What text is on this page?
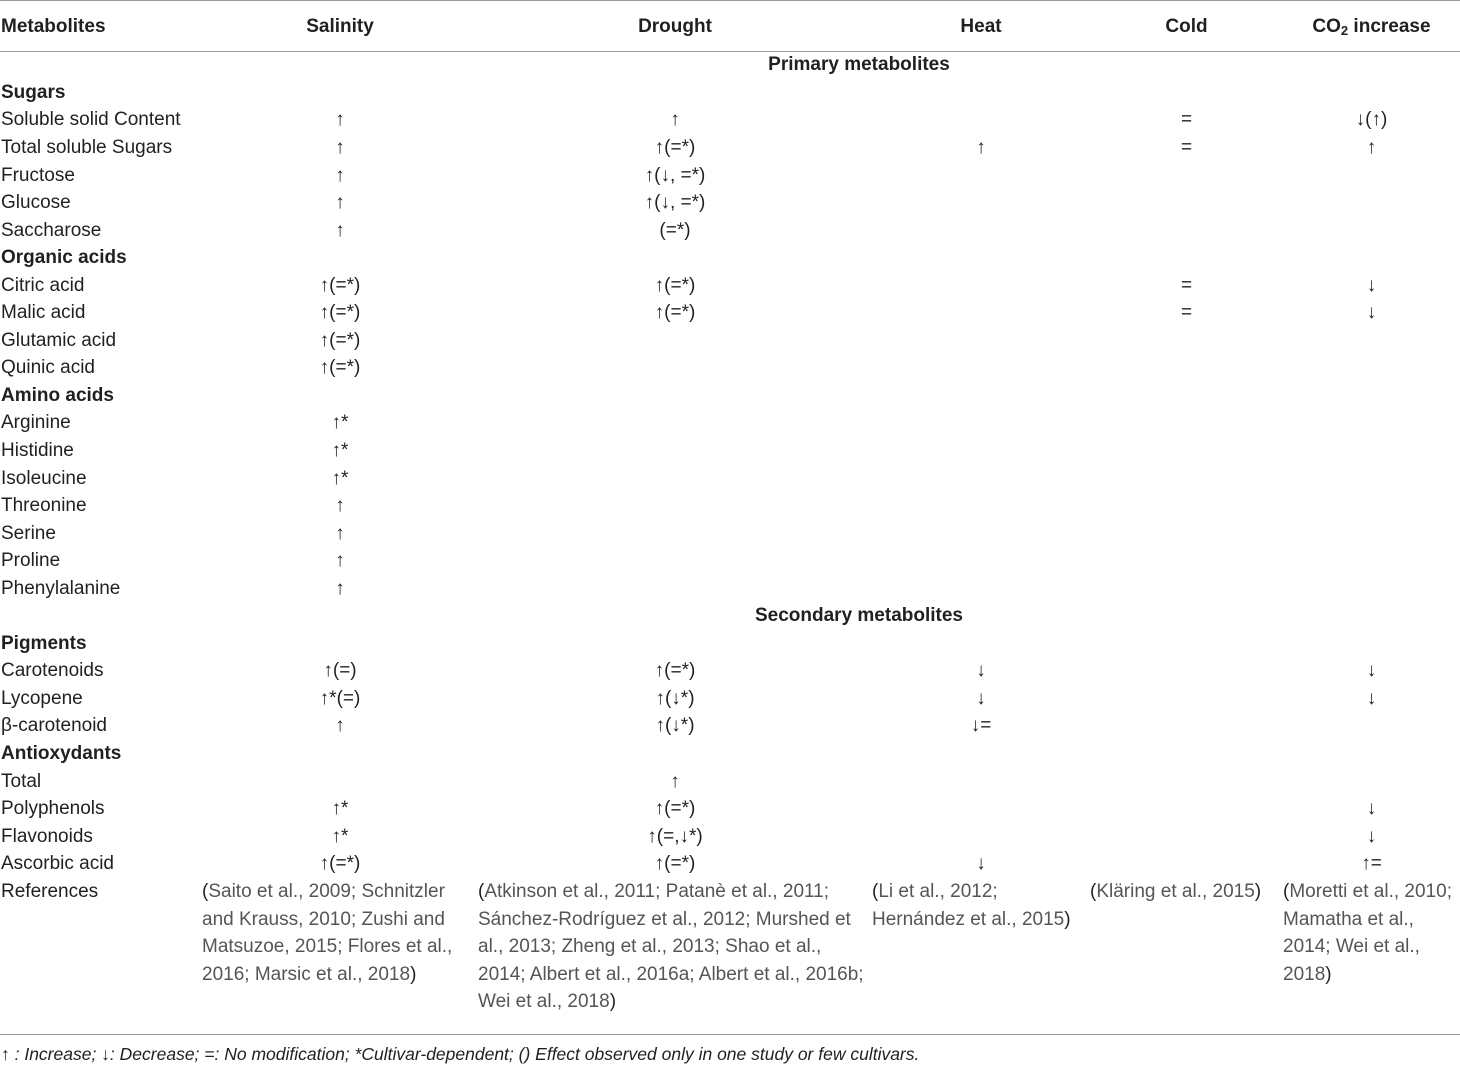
Metabolites	Salinity	Drought	Heat	Cold	$CO_2$ increase
Primary metabolites					
Sugars					
Soluble solid Content	↑	↑		=	↓(↑)
Total soluble Sugars	↑	↑(=*)	↑	=	↑
Fructose	↑	↑(↓, =*)			
Glucose	↑	↑(↓, =*)			
Saccharose	↑	(=*)			
Organic acids					
Citric acid	↑(=*)	↑(=*)		=	↓
Malic acid	↑(=*)	↑(=*)		=	↓
Glutamic acid	↑(=*)				
Quinic acid	↑(=*)				
Amino acids					
Arginine	↑*				
Histidine	↑*				
Isoleucine	↑*				
Threonine	↑				
Serine	↑				
Proline	↑				
Phenylalanine	↑				
Secondary metabolites					
Pigments					
Carotenoids	↑(=)	↑(=*)	↓		↓
Lycopene	↑*(=)	↑(↓*)	↓		↓
β-carotenoid	↑	↑(↓*)	↓=		
Antioxydants					
Total		↑			
Polyphenols	↑*	↑(=*)			↓
Flavonoids	↑*	↑(=,↓*)			↓
Ascorbic acid	↑(=*)	↑(=*)	↓		↑=
References	(Saito et al., 2009; Schnitzler and Krauss, 2010; Zushi and Matsuzoe, 2015; Flores et al., 2016; Marsic et al., 2018)	(Atkinson et al., 2011; Patanè et al., 2011; Sánchez-Rodríguez et al., 2012; Murshed et al., 2013; Zheng et al., 2013; Shao et al., 2014; Albert et al., 2016a; Albert et al., 2016b; Wei et al., 2018)	(Li et al., 2012; Hernández et al., 2015)	(Kläring et al., 2015)	(Moretti et al., 2010; Mamatha et al., 2014; Wei et al., 2018)
↑ : Increase; ↓: Decrease; =: No modification; *Cultivar-dependent; () Effect observed only in one study or few cultivars.
